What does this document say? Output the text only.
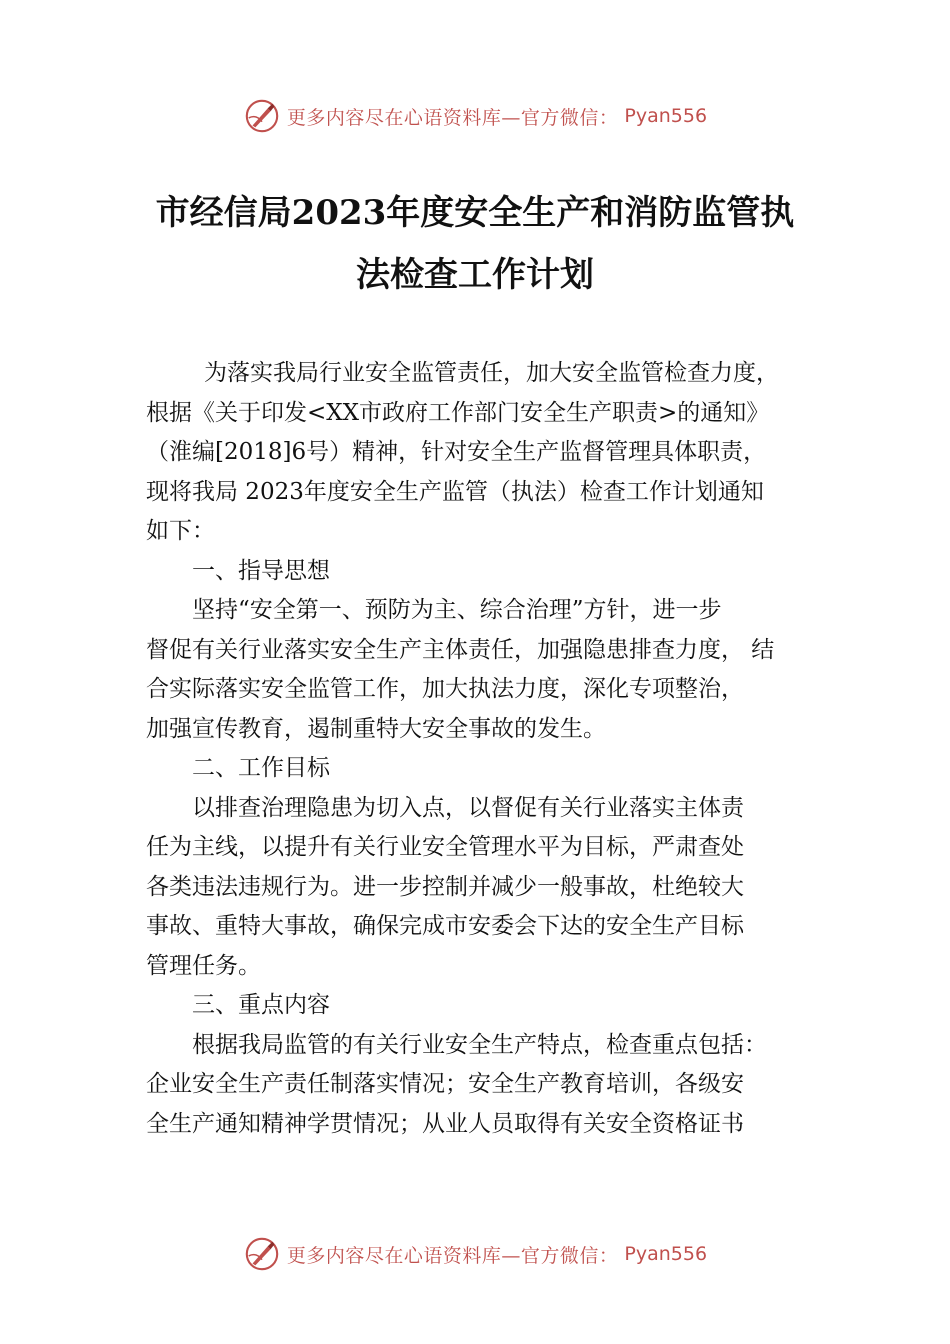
更多内容尽在心语资料库—官方微信： Pyan556
市经信局2023年度安全生产和消防监管执
法检查工作计划
为落实我局行业安全监管责任，加大安全监管检查力度，
根据《关于印发<XX市政府工作部门安全生产职责>的通知》
（淮编[2018]6号）精神，针对安全生产监督管理具体职责，
现将我局 2023年度安全生产监管（执法）检查工作计划通知
如下：
一、指导思想
坚持“安全第一、预防为主、综合治理”方针，进一步
督促有关行业落实安全生产主体责任，加强隐患排查力度， 结
合实际落实安全监管工作，加大执法力度，深化专项整治，
加强宣传教育，遏制重特大安全事故的发生。
二、工作目标
以排查治理隐患为切入点，以督促有关行业落实主体责
任为主线，以提升有关行业安全管理水平为目标，严肃查处
各类违法违规行为。进一步控制并减少一般事故，杜绝较大
事故、重特大事故，确保完成市安委会下达的安全生产目标
管理任务。
三、重点内容
根据我局监管的有关行业安全生产特点，检查重点包括：
企业安全生产责任制落实情况；安全生产教育培训，各级安
全生产通知精神学贯情况；从业人员取得有关安全资格证书
更多内容尽在心语资料库—官方微信： Pyan556
